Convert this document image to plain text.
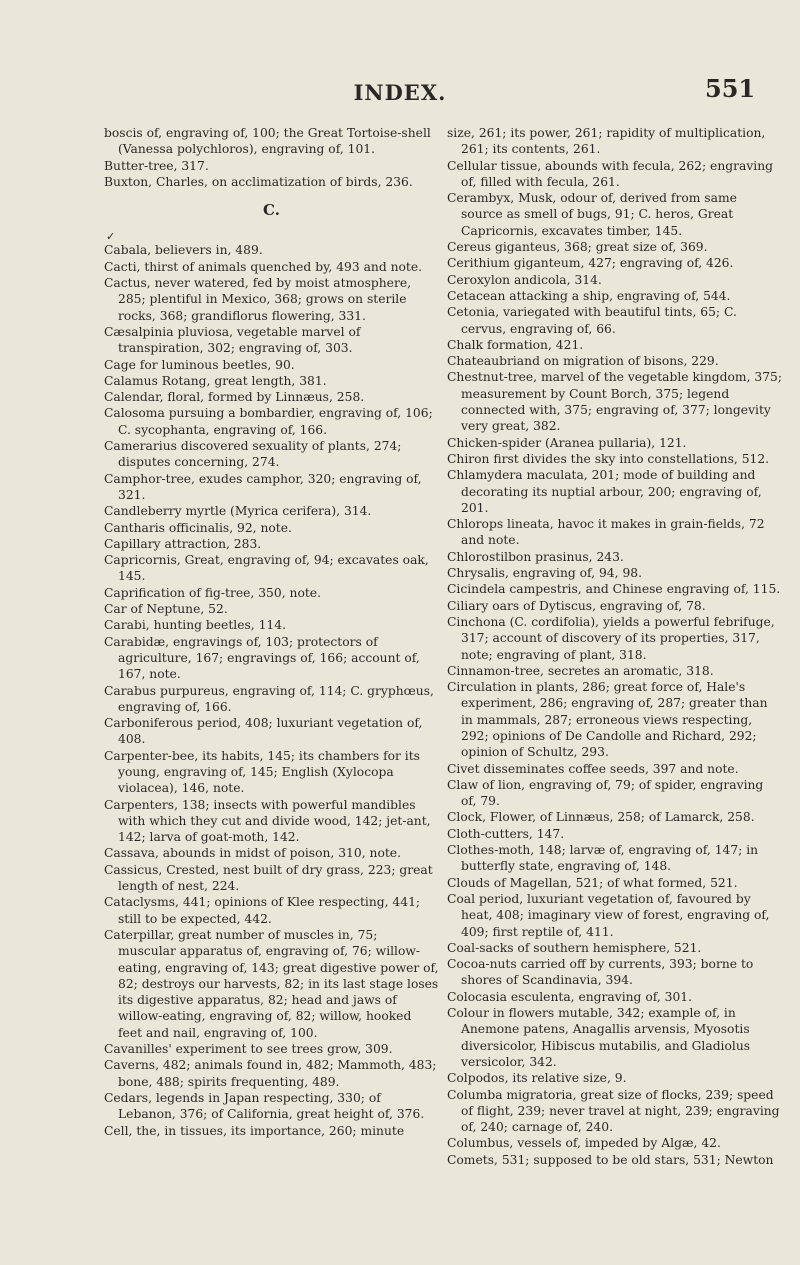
INDEX.	551

boscis of, engraving of, 100; the Great Tortoise-shell (Vanessa polychloros), engraving of, 101.

Butter-tree, 317.

Buxton, Charles, on acclimatization of birds, 236.

C.
✓

Cabala, believers in, 489.

Cacti, thirst of animals quenched by, 493 and note.

Cactus, never watered, fed by moist atmosphere, 285; plentiful in Mexico, 368; grows on sterile rocks, 368; grandiflorus flowering, 331.

Cæsalpinia pluviosa, vegetable marvel of transpiration, 302; engraving of, 303.

Cage for luminous beetles, 90.

Calamus Rotang, great length, 381.

Calendar, floral, formed by Linnæus, 258.

Calosoma pursuing a bombardier, engraving of, 106; C. sycophanta, engraving of, 166.

Camerarius discovered sexuality of plants, 274; disputes concerning, 274.

Camphor-tree, exudes camphor, 320; engraving of, 321.

Candleberry myrtle (Myrica cerifera), 314.

Cantharis officinalis, 92, note.

Capillary attraction, 283.

Capricornis, Great, engraving of, 94; excavates oak, 145.

Caprification of fig-tree, 350, note.

Car of Neptune, 52.

Carabi, hunting beetles, 114.

Carabidæ, engravings of, 103; protectors of agriculture, 167; engravings of, 166; account of, 167, note.

Carabus purpureus, engraving of, 114; C. gryphœus, engraving of, 166.

Carboniferous period, 408; luxuriant vegetation of, 408.

Carpenter-bee, its habits, 145; its chambers for its young, engraving of, 145; English (Xylocopa violacea), 146, note.

Carpenters, 138; insects with powerful mandibles with which they cut and divide wood, 142; jet-ant, 142; larva of goat-moth, 142.

Cassava, abounds in midst of poison, 310, note.

Cassicus, Crested, nest built of dry grass, 223; great length of nest, 224.

Cataclysms, 441; opinions of Klee respecting, 441; still to be expected, 442.

Caterpillar, great number of muscles in, 75; muscular apparatus of, engraving of, 76; willow-eating, engraving of, 143; great digestive power of, 82; destroys our harvests, 82; in its last stage loses its digestive apparatus, 82; head and jaws of willow-eating, engraving of, 82; willow, hooked feet and nail, engraving of, 100.

Cavanilles' experiment to see trees grow, 309.

Caverns, 482; animals found in, 482; Mammoth, 483; bone, 488; spirits frequenting, 489.

Cedars, legends in Japan respecting, 330; of Lebanon, 376; of California, great height of, 376.

Cell, the, in tissues, its importance, 260; minute

size, 261; its power, 261; rapidity of multiplication, 261; its contents, 261.

Cellular tissue, abounds with fecula, 262; engraving of, filled with fecula, 261.

Cerambyx, Musk, odour of, derived from same source as smell of bugs, 91; C. heros, Great Capricornis, excavates timber, 145.

Cereus giganteus, 368; great size of, 369.

Cerithium giganteum, 427; engraving of, 426.

Ceroxylon andicola, 314.

Cetacean attacking a ship, engraving of, 544.

Cetonia, variegated with beautiful tints, 65; C. cervus, engraving of, 66.

Chalk formation, 421.

Chateaubriand on migration of bisons, 229.

Chestnut-tree, marvel of the vegetable kingdom, 375; measurement by Count Borch, 375; legend connected with, 375; engraving of, 377; longevity very great, 382.

Chicken-spider (Aranea pullaria), 121.

Chiron first divides the sky into constellations, 512.

Chlamydera maculata, 201; mode of building and decorating its nuptial arbour, 200; engraving of, 201.

Chlorops lineata, havoc it makes in grain-fields, 72 and note.

Chlorostilbon prasinus, 243.

Chrysalis, engraving of, 94, 98.

Cicindela campestris, and Chinese engraving of, 115.

Ciliary oars of Dytiscus, engraving of, 78.

Cinchona (C. cordifolia), yields a powerful febrifuge, 317; account of discovery of its properties, 317, note; engraving of plant, 318.

Cinnamon-tree, secretes an aromatic, 318.

Circulation in plants, 286; great force of, Hale's experiment, 286; engraving of, 287; greater than in mammals, 287; erroneous views respecting, 292; opinions of De Candolle and Richard, 292; opinion of Schultz, 293.

Civet disseminates coffee seeds, 397 and note.

Claw of lion, engraving of, 79; of spider, engraving of, 79.

Clock, Flower, of Linnæus, 258; of Lamarck, 258.

Cloth-cutters, 147.

Clothes-moth, 148; larvæ of, engraving of, 147; in butterfly state, engraving of, 148.

Clouds of Magellan, 521; of what formed, 521.

Coal period, luxuriant vegetation of, favoured by heat, 408; imaginary view of forest, engraving of, 409; first reptile of, 411.

Coal-sacks of southern hemisphere, 521.

Cocoa-nuts carried off by currents, 393; borne to shores of Scandinavia, 394.

Colocasia esculenta, engraving of, 301.

Colour in flowers mutable, 342; example of, in Anemone patens, Anagallis arvensis, Myosotis diversicolor, Hibiscus mutabilis, and Gladiolus versicolor, 342.

Colpodos, its relative size, 9.

Columba migratoria, great size of flocks, 239; speed of flight, 239; never travel at night, 239; engraving of, 240; carnage of, 240.

Columbus, vessels of, impeded by Algæ, 42.

Comets, 531; supposed to be old stars, 531; Newton
